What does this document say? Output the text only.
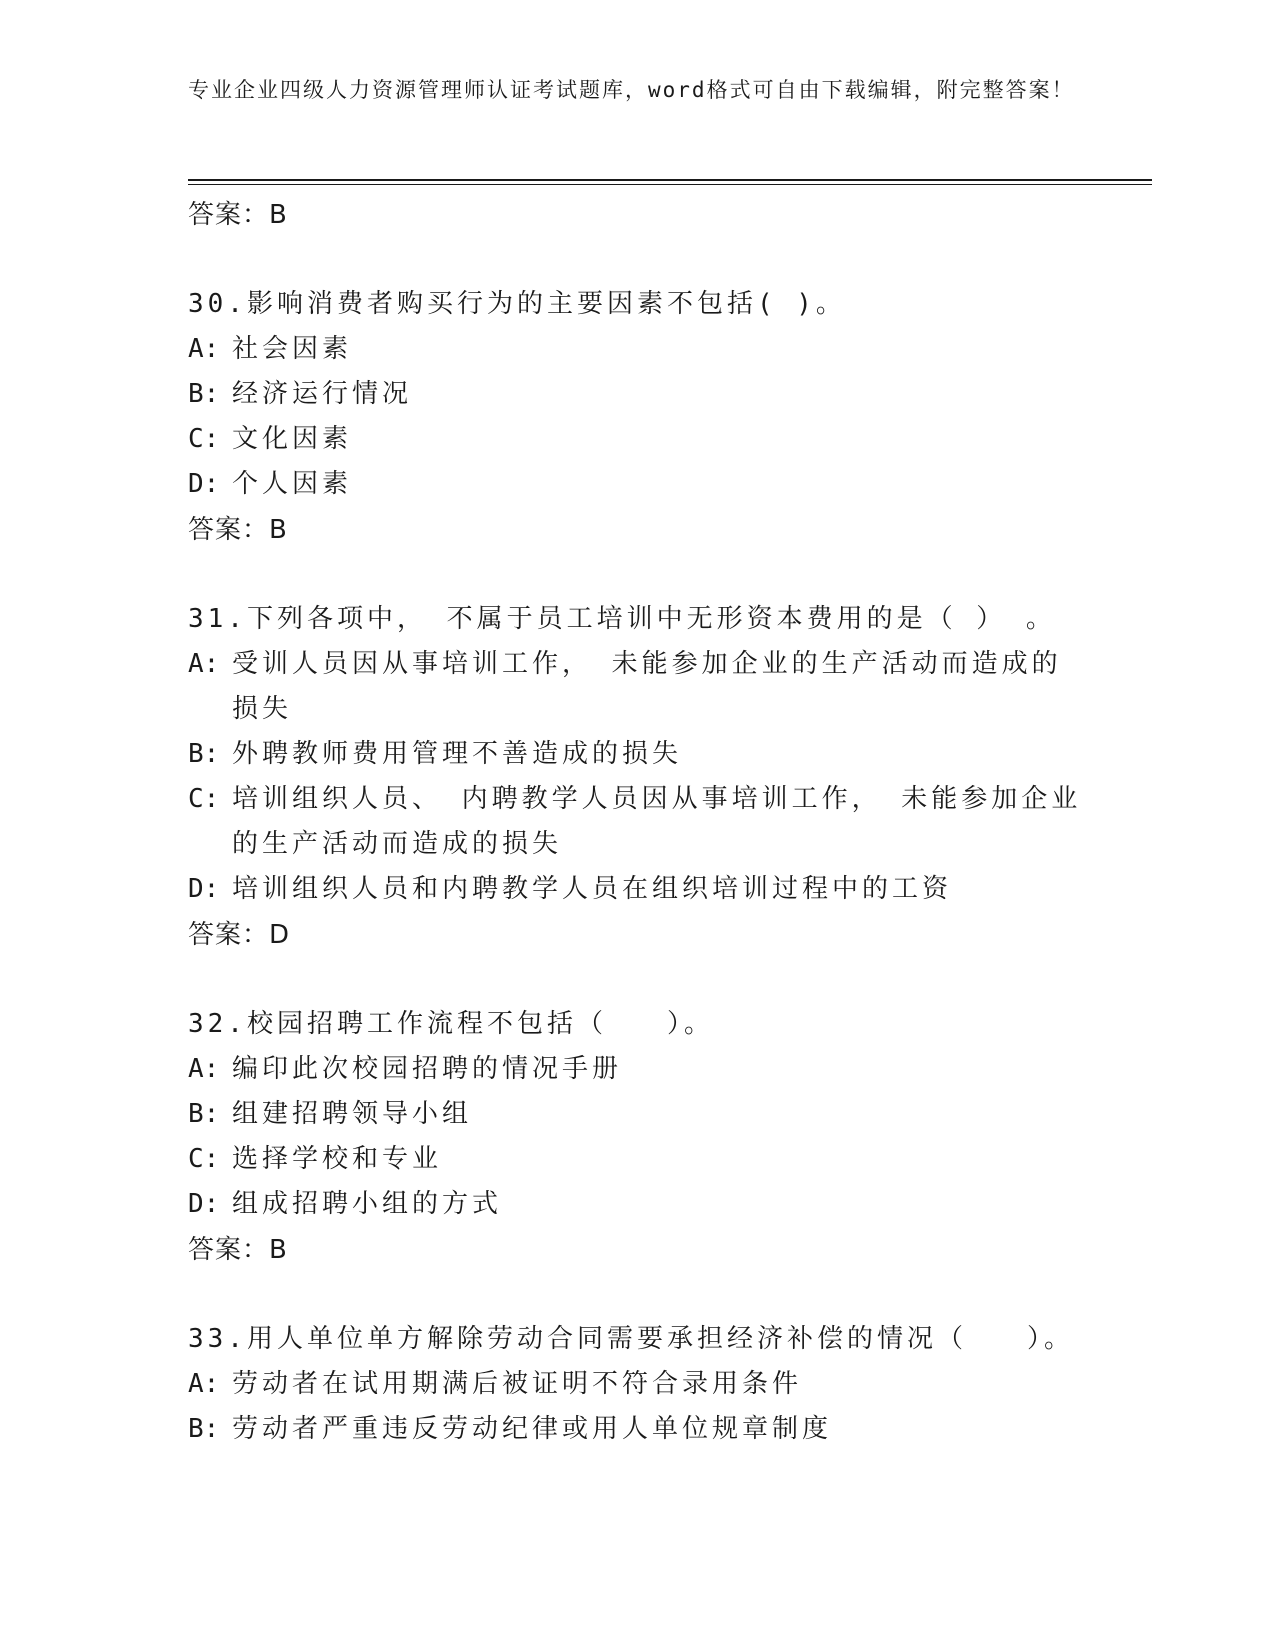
专业企业四级人力资源管理师认证考试题库，word格式可自由下载编辑，附完整答案！
答案：B
30.影响消费者购买行为的主要因素不包括( )。
A: 社会因素
B: 经济运行情况
C: 文化因素
D: 个人因素
答案：B
31.下列各项中， 不属于员工培训中无形资本费用的是（ ） 。
A: 受训人员因从事培训工作， 未能参加企业的生产活动而造成的损失
B: 外聘教师费用管理不善造成的损失
C: 培训组织人员、 内聘教学人员因从事培训工作， 未能参加企业的生产活动而造成的损失
D: 培训组织人员和内聘教学人员在组织培训过程中的工资
答案：D
32.校园招聘工作流程不包括（　　）。
A: 编印此次校园招聘的情况手册
B: 组建招聘领导小组
C: 选择学校和专业
D: 组成招聘小组的方式
答案：B
33.用人单位单方解除劳动合同需要承担经济补偿的情况（　　）。
A: 劳动者在试用期满后被证明不符合录用条件
B: 劳动者严重违反劳动纪律或用人单位规章制度
